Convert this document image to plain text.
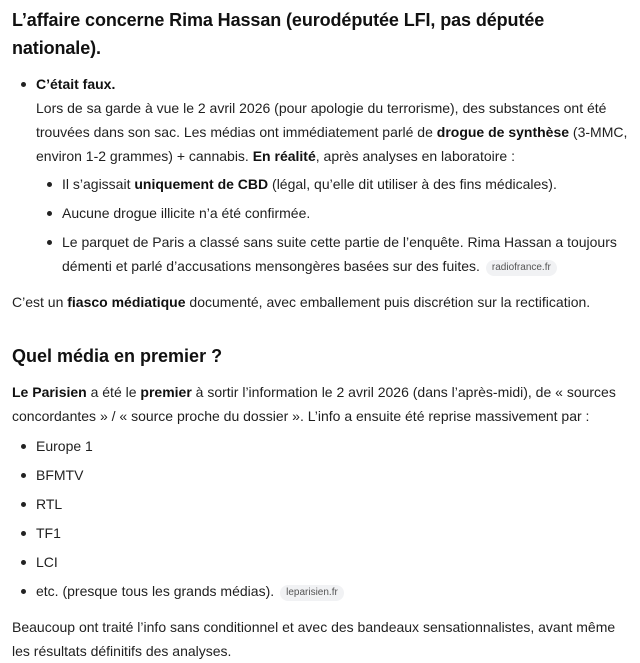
L’affaire concerne Rima Hassan (eurodéputée LFI, pas députée nationale).
C’était faux.
Lors de sa garde à vue le 2 avril 2026 (pour apologie du terrorisme), des substances ont été trouvées dans son sac. Les médias ont immédiatement parlé de drogue de synthèse (3-MMC, environ 1-2 grammes) + cannabis. En réalité, après analyses en laboratoire :
Il s’agissait uniquement de CBD (légal, qu’elle dit utiliser à des fins médicales).
Aucune drogue illicite n’a été confirmée.
Le parquet de Paris a classé sans suite cette partie de l’enquête. Rima Hassan a toujours démenti et parlé d’accusations mensongères basées sur des fuites. radiofrance.fr

C’est un fiasco médiatique documenté, avec emballement puis discrétion sur la rectification.

Quel média en premier ?

Le Parisien a été le premier à sortir l’information le 2 avril 2026 (dans l’après-midi), de « sources concordantes » / « source proche du dossier ». L’info a ensuite été reprise massivement par :

Europe 1
BFMTV
RTL
TF1
LCI
etc. (presque tous les grands médias). leparisien.fr

Beaucoup ont traité l’info sans conditionnel et avec des bandeaux sensationnalistes, avant même les résultats définitifs des analyses.
